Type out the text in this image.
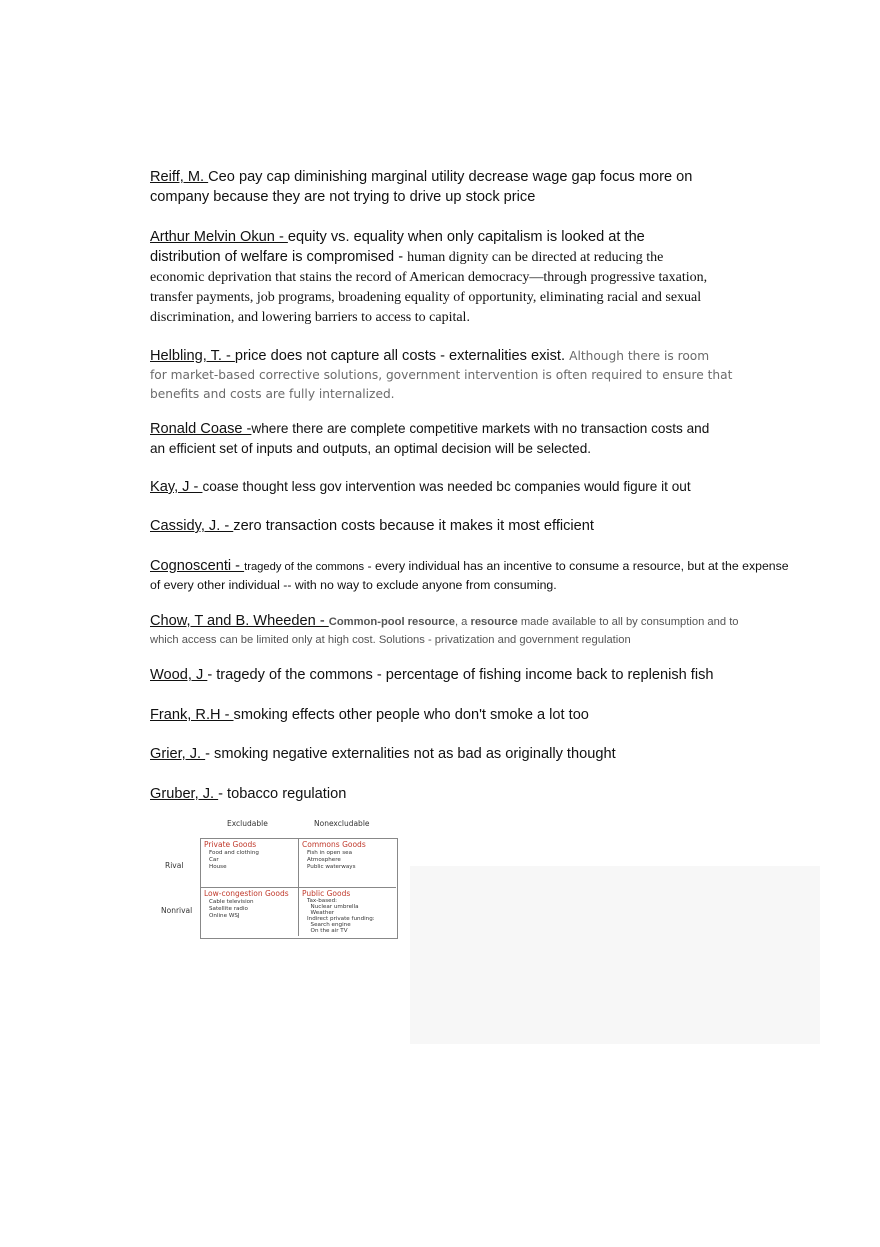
Reiff, M. Ceo pay cap diminishing marginal utility decrease wage gap focus more on
company because they are not trying to drive up stock price
Arthur Melvin Okun - equity vs. equality when only capitalism is looked at the
distribution of welfare is compromised - human dignity can be directed at reducing the
economic deprivation that stains the record of American democracy—through progressive taxation,
transfer payments, job programs, broadening equality of opportunity, eliminating racial and sexual
discrimination, and lowering barriers to access to capital.
Helbling, T. - price does not capture all costs - externalities exist. Although there is room
for market-based corrective solutions, government intervention is often required to ensure that
benefits and costs are fully internalized.
Ronald Coase -where there are complete competitive markets with no transaction costs and
an efficient set of inputs and outputs, an optimal decision will be selected.
Kay, J - coase thought less gov intervention was needed bc companies would figure it out
Cassidy, J. - zero transaction costs because it makes it most efficient
Cognoscenti - tragedy of the commons - every individual has an incentive to consume a resource, but at the expense
of every other individual -- with no way to exclude anyone from consuming.
Chow, T and B. Wheeden - Common-pool resource, a resource made available to all by consumption and to
which access can be limited only at high cost. Solutions - privatization and government regulation
Wood, J - tragedy of the commons - percentage of fishing income back to replenish fish
Frank, R.H - smoking effects other people who don't smoke a lot too
Grier, J. - smoking negative externalities not as bad as originally thought
Gruber, J. - tobacco regulation
Excludable	Nonexcludable
Rival
Nonrival
Private Goods
Food and clothing
Car
House
Commons Goods
Fish in open sea
Atmosphere
Public waterways
Low-congestion Goods
Cable television
Satellite radio
Online WSJ
Public Goods
Tax-based:
Nuclear umbrella
Weather
Indirect private funding:
Search engine
On the air TV
